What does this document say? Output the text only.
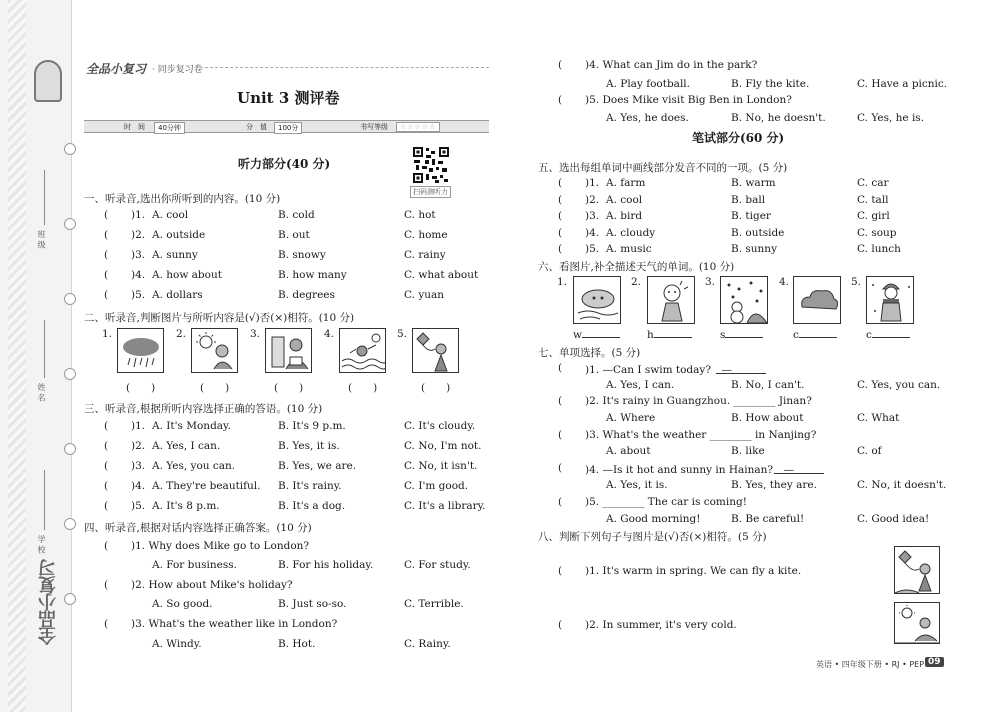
班 级
姓 名
学 校
全品小复习
全品小复习 · 同步复习卷
Unit 3 测评卷
时　间	40分钟	分　值	100分	书写等级	☆☆☆☆☆
扫码测听力
听力部分(40 分)
一、听录音,选出你所听到的内容。(10 分)
( )1. A. cool	B. cold	C. hot
( )2. A. outside	B. out	C. home
( )3. A. sunny	B. snowy	C. rainy
( )4. A. how about	B. how many	C. what about
( )5. A. dollars	B. degrees	C. yuan
二、听录音,判断图片与所听内容是(√)否(×)相符。(10 分)
1.	2.	3.	4.	5.
(　　)	(　　)	(　　)	(　　)	(　　)
三、听录音,根据所听内容选择正确的答语。(10 分)
( )1. A. It's Monday.	B. It's 9 p.m.	C. It's cloudy.
( )2. A. Yes, I can.	B. Yes, it is.	C. No, I'm not.
( )3. A. Yes, you can.	B. Yes, we are.	C. No, it isn't.
( )4. A. They're beautiful. B. It's rainy.	C. I'm good.
( )5. A. It's 8 p.m.	B. It's a dog.	C. It's a library.
四、听录音,根据对话内容选择正确答案。(10 分)
( )1. Why does Mike go to London?
A. For business.	B. For his holiday.	C. For study.
( )2. How about Mike's holiday?
A. So good.	B. Just so-so.	C. Terrible.
( )3. What's the weather like in London?
A. Windy.	B. Hot.	C. Rainy.
( )4. What can Jim do in the park?
A. Play football.	B. Fly the kite.	C. Have a picnic.
( )5. Does Mike visit Big Ben in London?
A. Yes, he does.	B. No, he doesn't.	C. Yes, he is.
笔试部分(60 分)
五、选出每组单词中画线部分发音不同的一项。(5 分)
( )1. A. farm	B. warm	C. car
( )2. A. cool	B. ball	C. tall
( )3. A. bird	B. tiger	C. girl
( )4. A. cloudy	B. outside	C. soup
( )5. A. music	B. sunny	C. lunch
六、看图片,补全描述天气的单词。(10 分)
1.	2.	3.	4.	5.
w	h	s	c	c
七、单项选择。(5 分)
( )1. —Can I swim today?　—
A. Yes, I can.	B. No, I can't.	C. Yes, you can.
( )2. It's rainy in Guangzhou. ________ Jinan?
A. Where	B. How about	C. What
( )3. What's the weather ________ in Nanjing?
A. about	B. like	C. of
( )4. —Is it hot and sunny in Hainan?　—
A. Yes, it is.	B. Yes, they are.	C. No, it doesn't.
( )5. ________ The car is coming!
A. Good morning!	B. Be careful!	C. Good idea!
八、判断下列句子与图片是(√)否(×)相符。(5 分)
( )1. It's warm in spring. We can fly a kite.
( )2. In summer, it's very cold.
英语 • 四年级下册 • RJ • PEP 09
